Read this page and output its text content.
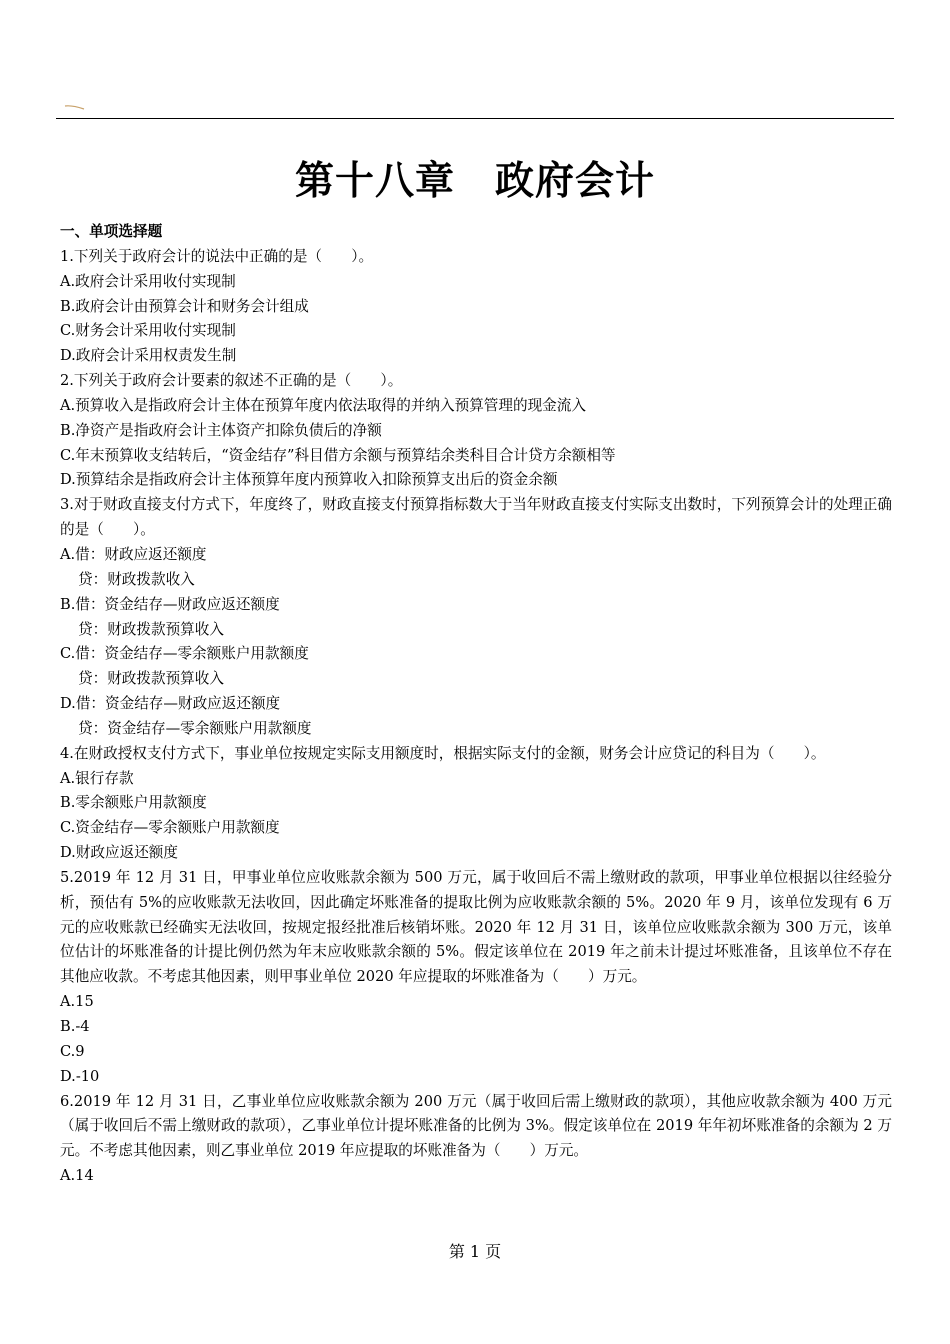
第十八章　政府会计

一、单项选择题

1.下列关于政府会计的说法中正确的是（　　）。

A.政府会计采用收付实现制

B.政府会计由预算会计和财务会计组成

C.财务会计采用收付实现制

D.政府会计采用权责发生制

2.下列关于政府会计要素的叙述不正确的是（　　）。

A.预算收入是指政府会计主体在预算年度内依法取得的并纳入预算管理的现金流入

B.净资产是指政府会计主体资产扣除负债后的净额

C.年末预算收支结转后，“资金结存”科目借方余额与预算结余类科目合计贷方余额相等

D.预算结余是指政府会计主体预算年度内预算收入扣除预算支出后的资金余额

3.对于财政直接支付方式下，年度终了，财政直接支付预算指标数大于当年财政直接支付实际支出数时，下列预算会计的处理正确的是（　　）。

A.借：财政应返还额度

贷：财政拨款收入

B.借：资金结存—财政应返还额度

贷：财政拨款预算收入

C.借：资金结存—零余额账户用款额度

贷：财政拨款预算收入

D.借：资金结存—财政应返还额度

贷：资金结存—零余额账户用款额度

4.在财政授权支付方式下，事业单位按规定实际支用额度时，根据实际支付的金额，财务会计应贷记的科目为（　　）。

A.银行存款

B.零余额账户用款额度

C.资金结存—零余额账户用款额度

D.财政应返还额度

5.2019 年 12 月 31 日，甲事业单位应收账款余额为 500 万元，属于收回后不需上缴财政的款项，甲事业单位根据以往经验分析，预估有 5%的应收账款无法收回，因此确定坏账准备的提取比例为应收账款余额的 5%。2020 年 9 月，该单位发现有 6 万元的应收账款已经确实无法收回，按规定报经批准后核销坏账。2020 年 12 月 31 日，该单位应收账款余额为 300 万元，该单位估计的坏账准备的计提比例仍然为年末应收账款余额的 5%。假定该单位在 2019 年之前未计提过坏账准备，且该单位不存在其他应收款。不考虑其他因素，则甲事业单位 2020 年应提取的坏账准备为（　　）万元。

A.15

B.-4

C.9

D.-10

6.2019 年 12 月 31 日，乙事业单位应收账款余额为 200 万元（属于收回后需上缴财政的款项），其他应收款余额为 400 万元（属于收回后不需上缴财政的款项），乙事业单位计提坏账准备的比例为 3%。假定该单位在 2019 年年初坏账准备的余额为 2 万元。不考虑其他因素，则乙事业单位 2019 年应提取的坏账准备为（　　）万元。

A.14

第 1 页
